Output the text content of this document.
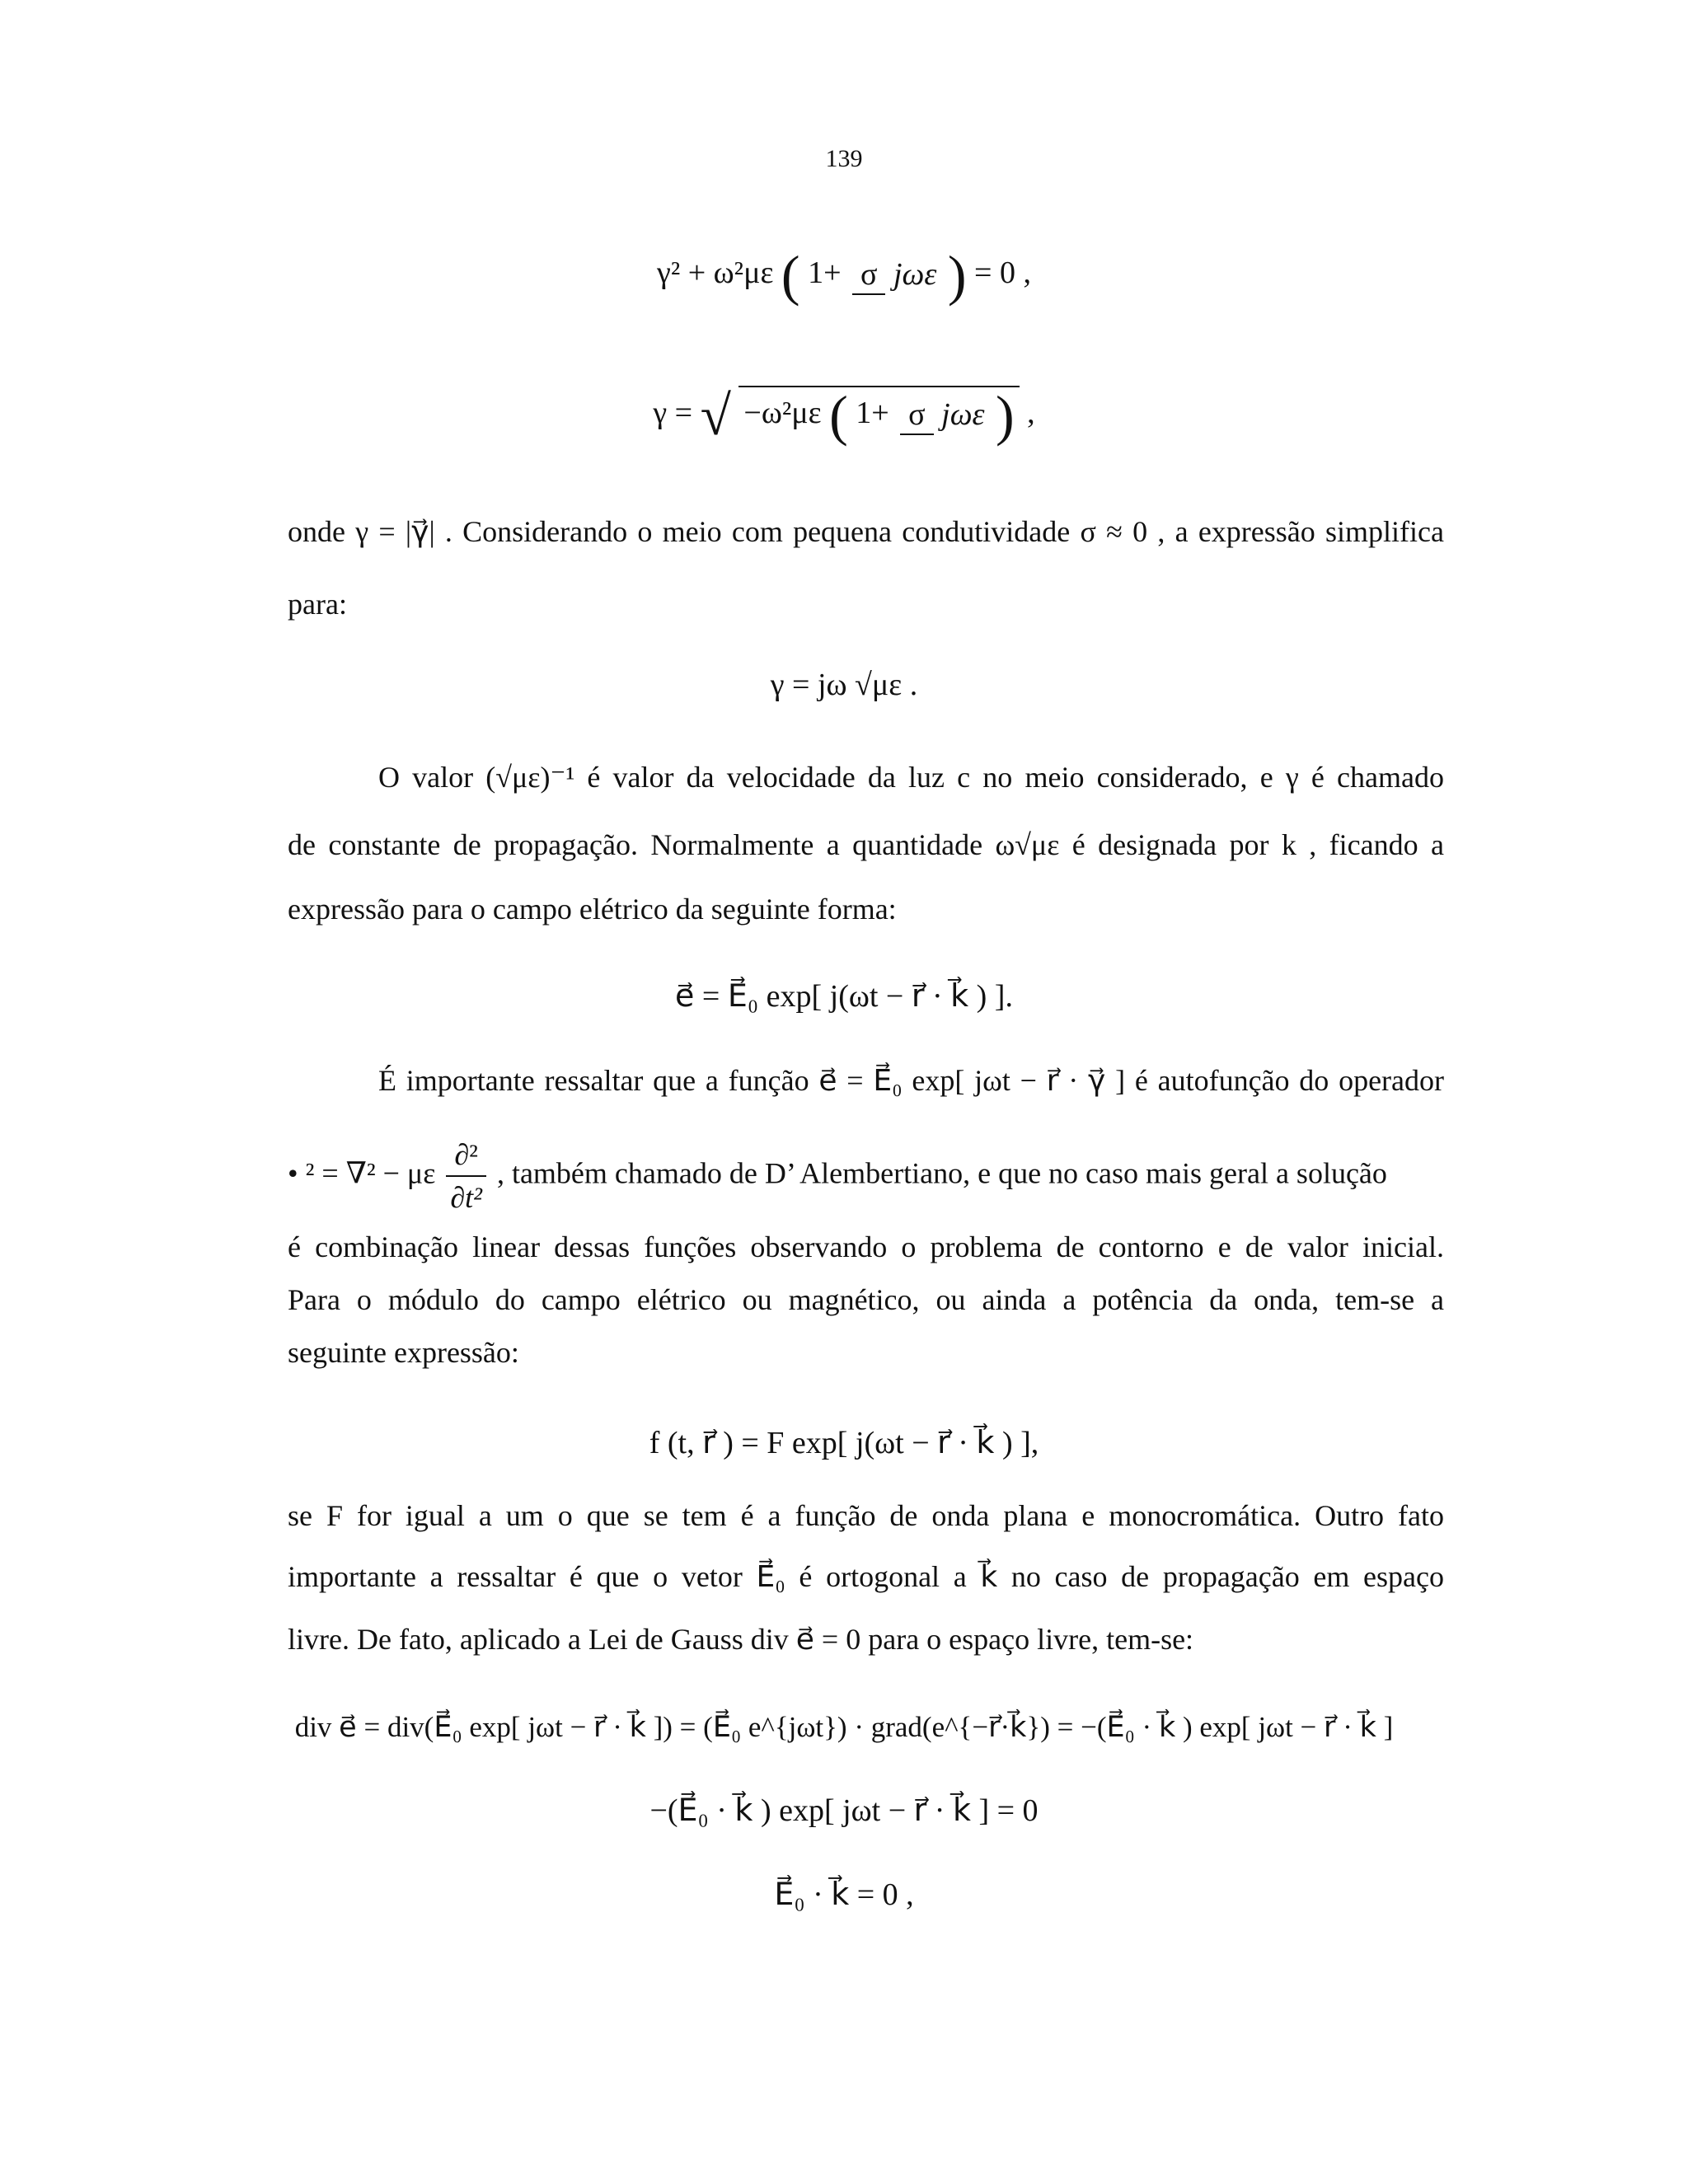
139
γ² + ω²με ( 1+ σ jωε ) = 0 ,
γ = √ −ω²με ( 1+ σ jωε ) ,
onde γ = |γ⃗| . Considerando o meio com pequena condutividade σ ≈ 0 , a expressão simplifica
para:
γ = jω √με .
O valor (√με)⁻¹ é valor da velocidade da luz c no meio considerado, e γ é chamado
de constante de propagação. Normalmente a quantidade ω√με é designada por k , ficando a
expressão para o campo elétrico da seguinte forma:
e⃗ = E⃗₀ exp[ j(ωt − r⃗ · k⃗ ) ].
É importante ressaltar que a função e⃗ = E⃗₀ exp[ jωt − r⃗ · γ⃗ ] é autofunção do operador
• ² = ∇² − με $\frac{\text{∂²}}{\text{∂t²}}$ , também chamado de D’ Alembertiano, e que no caso mais geral a solução
é combinação linear dessas funções observando o problema de contorno e de valor inicial.
Para o módulo do campo elétrico ou magnético, ou ainda a potência da onda, tem-se a
seguinte expressão:
f (t, r⃗ ) = F exp[ j(ωt − r⃗ · k⃗ ) ],
se F for igual a um o que se tem é a função de onda plana e monocromática. Outro fato
importante a ressaltar é que o vetor E⃗₀ é ortogonal a k⃗ no caso de propagação em espaço
livre. De fato, aplicado a Lei de Gauss div e⃗ = 0 para o espaço livre, tem-se:
div e⃗ = div(E⃗₀ exp[ jωt − r⃗ · k⃗ ]) = (E⃗₀ e^{jωt}) · grad(e^{−r⃗·k⃗}) = −(E⃗₀ · k⃗ ) exp[ jωt − r⃗ · k⃗ ]
−(E⃗₀ · k⃗ ) exp[ jωt − r⃗ · k⃗ ] = 0
E⃗₀ · k⃗ = 0 ,
